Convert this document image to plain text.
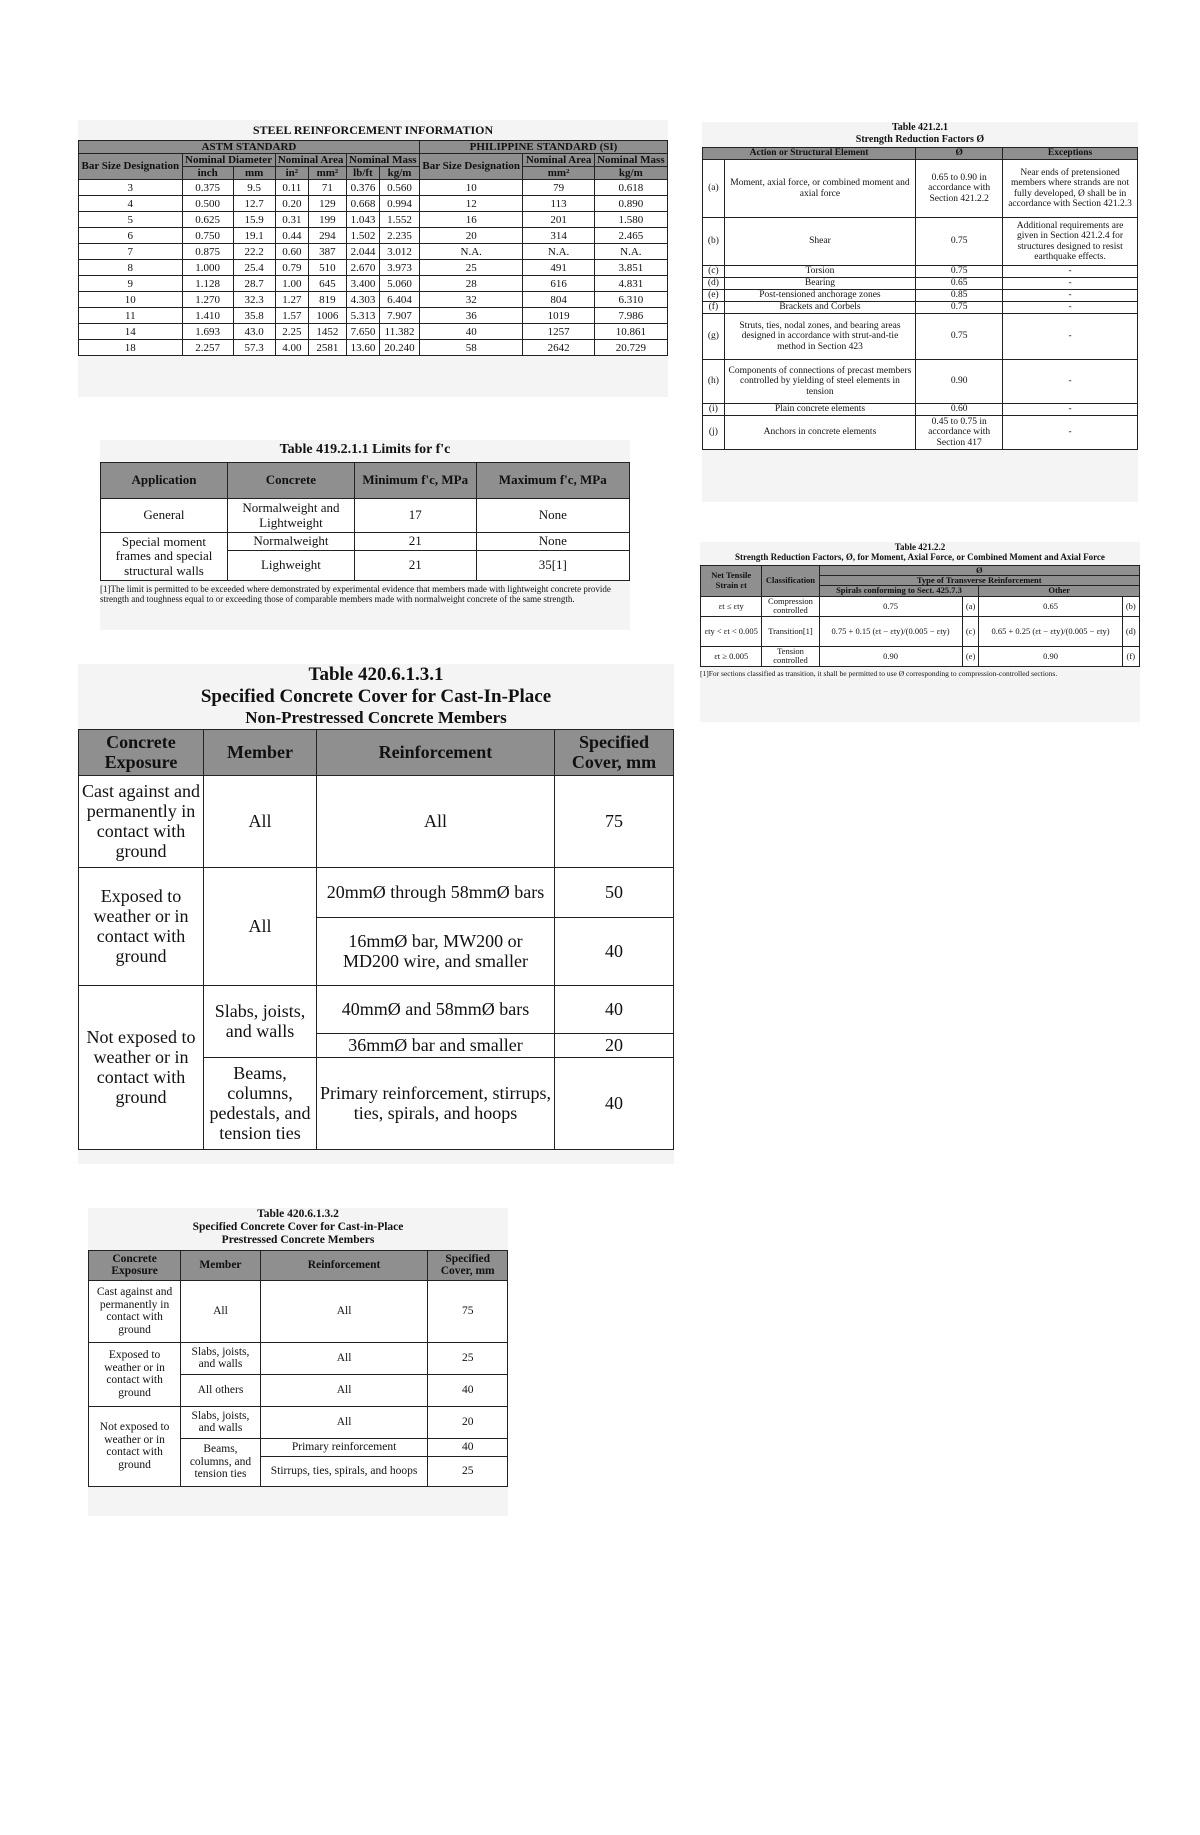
STEEL REINFORCEMENT INFORMATION
ASTM STANDARD							PHILIPPINE STANDARD (SI)		
Bar Size Designation	Nominal Diameter		Nominal Area		Nominal Mass		Bar Size Designation	Nominal Area	Nominal Mass
	inch	mm	in²	mm²	lb/ft	kg/m		mm²	kg/m
3	0.375	9.5	0.11	71	0.376	0.560	10	79	0.618
4	0.500	12.7	0.20	129	0.668	0.994	12	113	0.890
5	0.625	15.9	0.31	199	1.043	1.552	16	201	1.580
6	0.750	19.1	0.44	294	1.502	2.235	20	314	2.465
7	0.875	22.2	0.60	387	2.044	3.012	N.A.	N.A.	N.A.
8	1.000	25.4	0.79	510	2.670	3.973	25	491	3.851
9	1.128	28.7	1.00	645	3.400	5.060	28	616	4.831
10	1.270	32.3	1.27	819	4.303	6.404	32	804	6.310
11	1.410	35.8	1.57	1006	5.313	7.907	36	1019	7.986
14	1.693	43.0	2.25	1452	7.650	11.382	40	1257	10.861
18	2.257	57.3	4.00	2581	13.60	20.240	58	2642	20.729
Table 419.2.1.1 Limits for f'c
Application	Concrete	Minimum f'c, MPa	Maximum f'c, MPa
General	Normalweight and Lightweight	17	None
Special moment frames and special structural walls	Normalweight	21	None
	Lighweight	21	35[1]
[1]The limit is permitted to be exceeded where demonstrated by experimental evidence that members made with lightweight concrete provide strength and toughness equal to or exceeding those of comparable members made with normalweight concrete of the same strength.
Table 420.6.1.3.1
Specified Concrete Cover for Cast-In-Place
Non-Prestressed Concrete Members
Concrete Exposure	Member	Reinforcement	Specified Cover, mm
Cast against and permanently in contact with ground	All	All	75
Exposed to weather or in contact with ground	All	20mmØ through 58mmØ bars	50
		16mmØ bar, MW200 or MD200 wire, and smaller	40
Not exposed to weather or in contact with ground	Slabs, joists, and walls	40mmØ and 58mmØ bars	40
		36mmØ bar and smaller	20
	Beams, columns, pedestals, and tension ties	Primary reinforcement, stirrups, ties, spirals, and hoops	40
Table 420.6.1.3.2
Specified Concrete Cover for Cast-in-Place
Prestressed Concrete Members
Concrete Exposure	Member	Reinforcement	Specified Cover, mm
Cast against and permanently in contact with ground	All	All	75
Exposed to weather or in contact with ground	Slabs, joists, and walls	All	25
	All others	All	40
Not exposed to weather or in contact with ground	Slabs, joists, and walls	All	20
	Beams, columns, and tension ties	Primary reinforcement	40
		Stirrups, ties, spirals, and hoops	25
Table 421.2.1
Strength Reduction Factors Ø
Action or Structural Element		Ø	Exceptions
(a)	Moment, axial force, or combined moment and axial force	0.65 to 0.90 in accordance with Section 421.2.2	Near ends of pretensioned members where strands are not fully developed, Ø shall be in accordance with Section 421.2.3
(b)	Shear	0.75	Additional requirements are given in Section 421.2.4 for structures designed to resist earthquake effects.
(c)	Torsion	0.75	-
(d)	Bearing	0.65	-
(e)	Post-tensioned anchorage zones	0.85	-
(f)	Brackets and Corbels	0.75	-
(g)	Struts, ties, nodal zones, and bearing areas designed in accordance with strut-and-tie method in Section 423	0.75	-
(h)	Components of connections of precast members controlled by yielding of steel elements in tension	0.90	-
(i)	Plain concrete elements	0.60	-
(j)	Anchors in concrete elements	0.45 to 0.75 in accordance with Section 417	-
Table 421.2.2
Strength Reduction Factors, Ø, for Moment, Axial Force, or Combined Moment and Axial Force
Net Tensile Strain εt	Classification	Ø			
		Type of Transverse Reinforcement			
		Spirals conforming to Sect. 425.7.3		Other	
εt ≤ εty	Compression controlled	0.75	(a)	0.65	(b)
εty < εt < 0.005	Transition[1]	0.75 + 0.15 (εt − εty)/(0.005 − εty)	(c)	0.65 + 0.25 (εt − εty)/(0.005 − εty)	(d)
εt ≥ 0.005	Tension controlled	0.90	(e)	0.90	(f)
[1]For sections classified as transition, it shall be permitted to use Ø corresponding to compression-controlled sections.
